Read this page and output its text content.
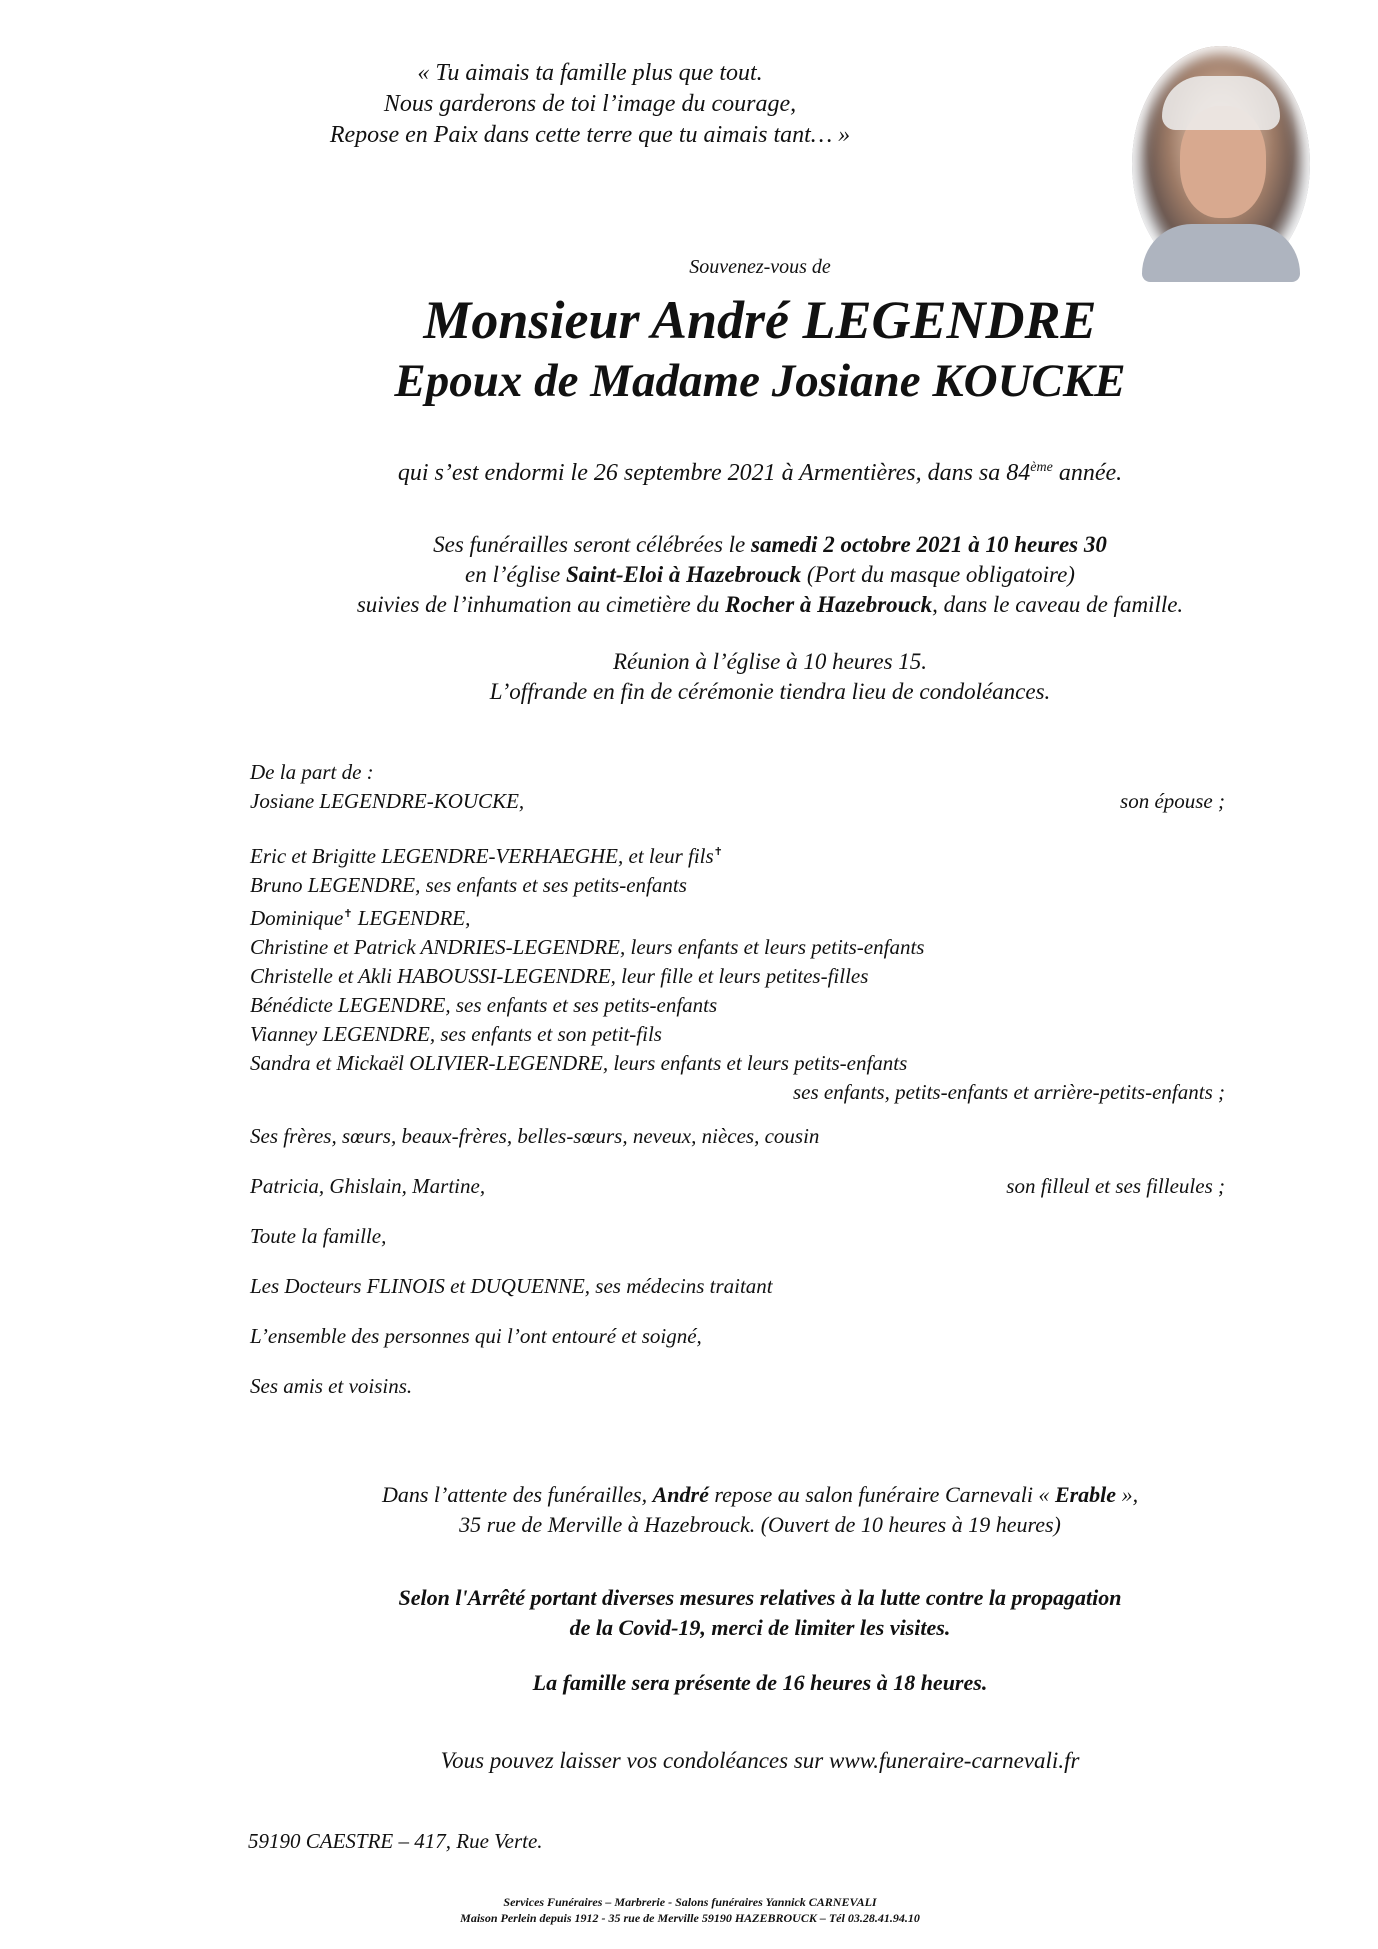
« Tu aimais ta famille plus que tout.
Nous garderons de toi l’image du courage,
Repose en Paix dans cette terre que tu aimais tant… »
Souvenez-vous de
Monsieur André LEGENDRE
Epoux de Madame Josiane KOUCKE
qui s’est endormi le 26 septembre 2021 à Armentières, dans sa 84ème année.
Ses funérailles seront célébrées le samedi 2 octobre 2021 à 10 heures 30
en l’église Saint-Eloi à Hazebrouck (Port du masque obligatoire)
suivies de l’inhumation au cimetière du Rocher à Hazebrouck, dans le caveau de famille.
Réunion à l’église à 10 heures 15.
L’offrande en fin de cérémonie tiendra lieu de condoléances.
De la part de :
Josiane LEGENDRE-KOUCKE,	son épouse ;
Eric et Brigitte LEGENDRE-VERHAEGHE, et leur fils✝
Bruno LEGENDRE, ses enfants et ses petits-enfants
Dominique✝ LEGENDRE,
Christine et Patrick ANDRIES-LEGENDRE, leurs enfants et leurs petits-enfants
Christelle et Akli HABOUSSI-LEGENDRE, leur fille et leurs petites-filles
Bénédicte LEGENDRE, ses enfants et ses petits-enfants
Vianney LEGENDRE, ses enfants et son petit-fils
Sandra et Mickaël OLIVIER-LEGENDRE, leurs enfants et leurs petits-enfants
ses enfants, petits-enfants et arrière-petits-enfants ;
Ses frères, sœurs, beaux-frères, belles-sœurs, neveux, nièces, cousin
Patricia, Ghislain, Martine,	son filleul et ses filleules ;
Toute la famille,
Les Docteurs FLINOIS et DUQUENNE, ses médecins traitant
L’ensemble des personnes qui l’ont entouré et soigné,
Ses amis et voisins.
Dans l’attente des funérailles, André repose au salon funéraire Carnevali « Erable »,
35 rue de Merville à Hazebrouck. (Ouvert de 10 heures à 19 heures)
Selon l'Arrêté portant diverses mesures relatives à la lutte contre la propagation
de la Covid-19, merci de limiter les visites.
La famille sera présente de 16 heures à 18 heures.
Vous pouvez laisser vos condoléances sur www.funeraire-carnevali.fr
59190 CAESTRE – 417, Rue Verte.
Services Funéraires – Marbrerie - Salons funéraires Yannick CARNEVALI
Maison Perlein depuis 1912 - 35 rue de Merville 59190 HAZEBROUCK – Tél 03.28.41.94.10
